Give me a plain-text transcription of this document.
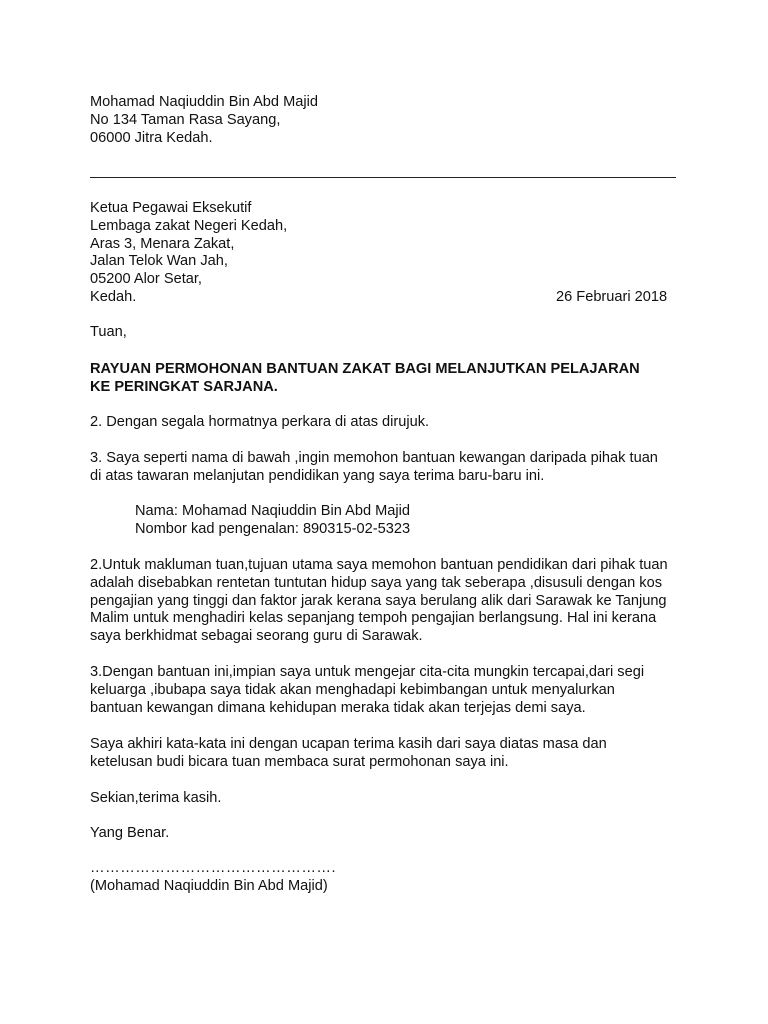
Mohamad Naqiuddin Bin Abd Majid
No 134 Taman Rasa Sayang,
06000 Jitra Kedah.
Ketua Pegawai Eksekutif
Lembaga zakat Negeri Kedah,
Aras 3, Menara Zakat,
Jalan Telok Wan Jah,
05200 Alor Setar,
Kedah.	26 Februari 2018
Tuan,
RAYUAN PERMOHONAN BANTUAN ZAKAT BAGI MELANJUTKAN PELAJARAN
KE PERINGKAT SARJANA.
2. Dengan segala hormatnya perkara di atas dirujuk.
3. Saya seperti nama di bawah ,ingin memohon bantuan kewangan daripada pihak tuan
di atas tawaran melanjutan pendidikan yang saya terima baru-baru ini.
Nama: Mohamad Naqiuddin Bin Abd Majid
Nombor kad pengenalan: 890315-02-5323
2.Untuk makluman tuan,tujuan utama saya memohon bantuan pendidikan dari pihak tuan
adalah disebabkan rentetan tuntutan hidup saya yang tak seberapa ,disusuli dengan kos
pengajian yang tinggi dan faktor jarak kerana saya berulang alik dari Sarawak ke Tanjung
Malim untuk menghadiri kelas sepanjang tempoh pengajian berlangsung. Hal ini kerana
saya berkhidmat sebagai seorang guru di Sarawak.
3.Dengan bantuan ini,impian saya untuk mengejar cita-cita mungkin tercapai,dari segi
keluarga ,ibubapa saya tidak akan menghadapi kebimbangan untuk menyalurkan
bantuan kewangan dimana kehidupan meraka tidak akan terjejas demi saya.
Saya akhiri kata-kata ini dengan ucapan terima kasih dari saya diatas masa dan
ketelusan budi bicara tuan membaca surat permohonan saya ini.
Sekian,terima kasih.
Yang Benar.
………………………………………….
(Mohamad Naqiuddin Bin Abd Majid)
